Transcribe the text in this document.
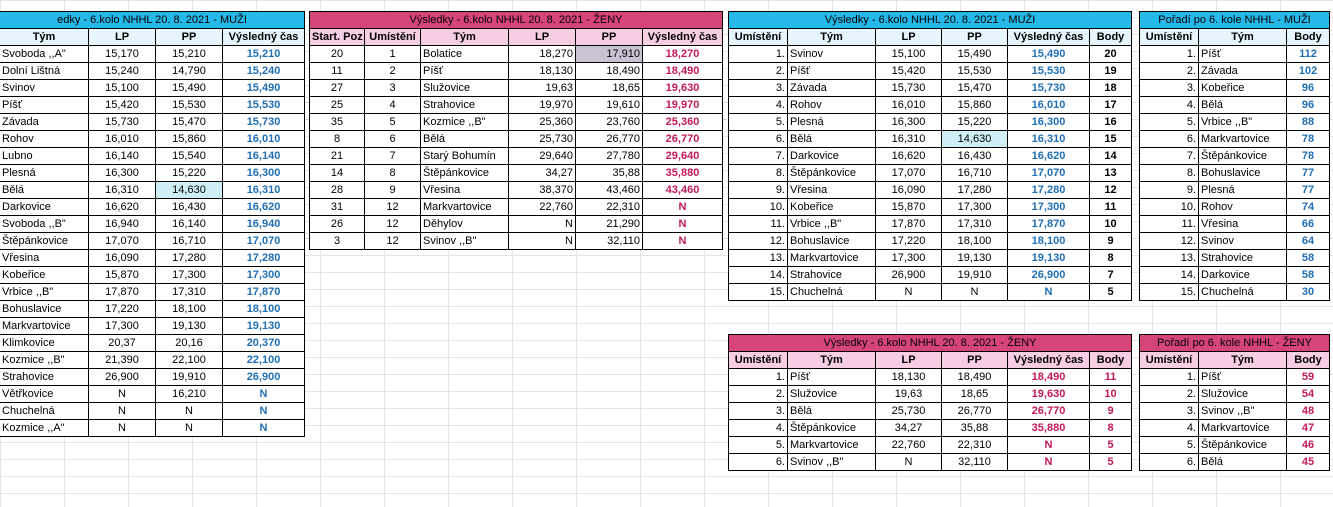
edky - 6.kolo NHHL 20. 8. 2021 - MUŽI			
Tým	LP	PP	Výsledný čas
Svoboda ,,A"	15,170	15,210	15,210
Dolní Lištná	15,240	14,790	15,240
Svinov	15,100	15,490	15,490
Píšť	15,420	15,530	15,530
Závada	15,730	15,470	15,730
Rohov	16,010	15,860	16,010
Lubno	16,140	15,540	16,140
Plesná	16,300	15,220	16,300
Bělá	16,310	14,630	16,310
Darkovice	16,620	16,430	16,620
Svoboda ,,B"	16,940	16,140	16,940
Štěpánkovice	17,070	16,710	17,070
Vřesina	16,090	17,280	17,280
Kobeřice	15,870	17,300	17,300
Vrbice ,,B"	17,870	17,310	17,870
Bohuslavice	17,220	18,100	18,100
Markvartovice	17,300	19,130	19,130
Klimkovice	20,37	20,16	20,370
Kozmice ,,B"	21,390	22,100	22,100
Strahovice	26,900	19,910	26,900
Větřkovice	N	16,210	N
Chuchelná	N	N	N
Kozmice ,,A"	N	N	N
Výsledky - 6.kolo NHHL 20. 8. 2021 - ŽENY					
Start. Poz	Umístění	Tým	LP	PP	Výsledný čas
20	1	Bolatice	18,270	17,910	18,270
11	2	Píšť	18,130	18,490	18,490
27	3	Služovice	19,63	18,65	19,630
25	4	Strahovice	19,970	19,610	19,970
35	5	Kozmice ,,B"	25,360	23,760	25,360
8	6	Bělá	25,730	26,770	26,770
21	7	Starý Bohumín	29,640	27,780	29,640
14	8	Štěpánkovice	34,27	35,88	35,880
28	9	Vřesina	38,370	43,460	43,460
31	12	Markvartovice	22,760	22,310	N
26	12	Děhylov	N	21,290	N
3	12	Svinov ,,B"	N	32,110	N
Výsledky - 6.kolo NHHL 20. 8. 2021 - MUŽI					
Umístění	Tým	LP	PP	Výsledný čas	Body
1.	Svinov	15,100	15,490	15,490	20
2.	Píšť	15,420	15,530	15,530	19
3.	Závada	15,730	15,470	15,730	18
4.	Rohov	16,010	15,860	16,010	17
5.	Plesná	16,300	15,220	16,300	16
6.	Bělá	16,310	14,630	16,310	15
7.	Darkovice	16,620	16,430	16,620	14
8.	Štěpánkovice	17,070	16,710	17,070	13
9.	Vřesina	16,090	17,280	17,280	12
10.	Kobeřice	15,870	17,300	17,300	11
11.	Vrbice ,,B"	17,870	17,310	17,870	10
12.	Bohuslavice	17,220	18,100	18,100	9
13.	Markvartovice	17,300	19,130	19,130	8
14.	Strahovice	26,900	19,910	26,900	7
15.	Chuchelná	N	N	N	5
Pořadí po 6. kole NHHL - MUŽI		
Umístění	Tým	Body
1.	Píšť	112
2.	Závada	102
3.	Kobeřice	96
4.	Bělá	96
5.	Vrbice ,,B"	88
6.	Markvartovice	78
7.	Štěpánkovice	78
8.	Bohuslavice	77
9.	Plesná	77
10.	Rohov	74
11.	Vřesina	66
12.	Svinov	64
13.	Strahovice	58
14.	Darkovice	58
15.	Chuchelná	30
Výsledky - 6.kolo NHHL 20. 8. 2021 - ŽENY					
Umístění	Tým	LP	PP	Výsledný čas	Body
1.	Píšť	18,130	18,490	18,490	11
2.	Služovice	19,63	18,65	19,630	10
3.	Bělá	25,730	26,770	26,770	9
4.	Štěpánkovice	34,27	35,88	35,880	8
5.	Markvartovice	22,760	22,310	N	5
6.	Svinov ,,B"	N	32,110	N	5
Pořadí po 6. kole NHHL - ŽENY		
Umístění	Tým	Body
1.	Píšť	59
2.	Služovice	54
3.	Svinov ,,B"	48
4.	Markvartovice	47
5.	Štěpánkovice	46
6.	Bělá	45
